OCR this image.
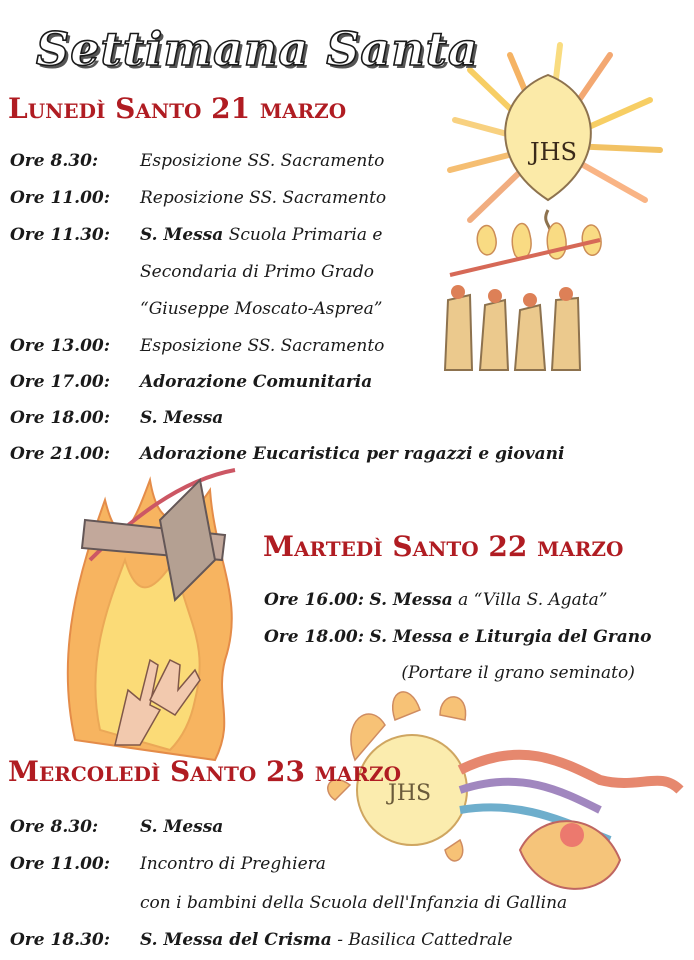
JHS
JHS
Settimana Santa
Lunedì Santo 21 marzo
Ore 8.30: Esposizione SS. Sacramento
Ore 11.00: Reposizione SS. Sacramento
Ore 11.30: S. Messa Scuola Primaria e
Secondaria di Primo Grado
“Giuseppe Moscato-Asprea”
Ore 13.00: Esposizione SS. Sacramento
Ore 17.00: Adorazione Comunitaria
Ore 18.00: S. Messa
Ore 21.00: Adorazione Eucaristica per ragazzi e giovani
Martedì Santo 22 marzo
Ore 16.00: S. Messa a “Villa S. Agata”
Ore 18.00: S. Messa e Liturgia del Grano
(Portare il grano seminato)
Mercoledì Santo 23 marzo
Ore 8.30: S. Messa
Ore 11.00: Incontro di Preghiera
con i bambini della Scuola dell'Infanzia di Gallina
Ore 18.30: S. Messa del Crisma - Basilica Cattedrale
